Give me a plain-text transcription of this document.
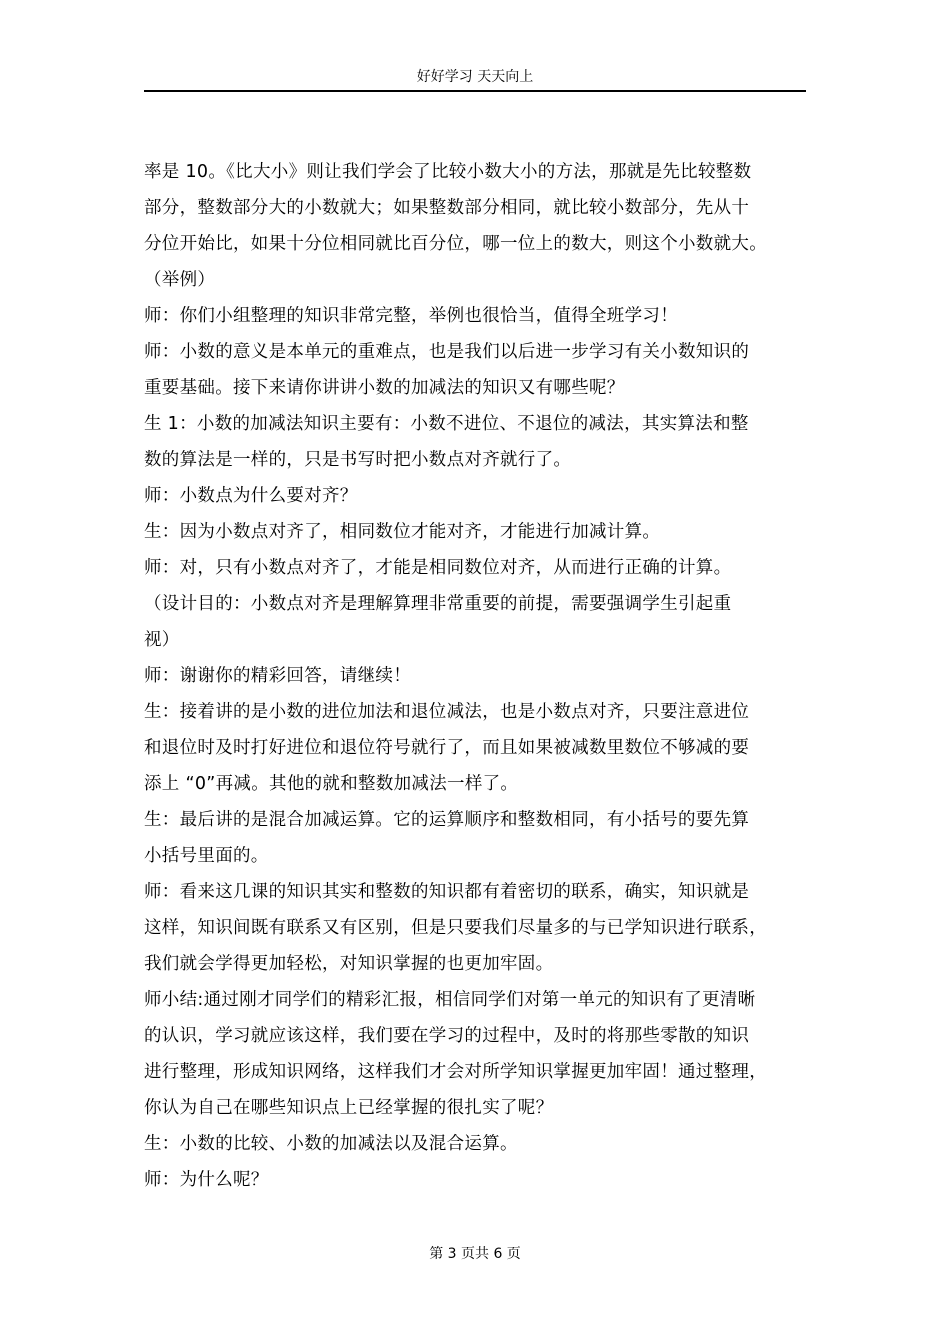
好好学习 天天向上
率是 10。《比大小》则让我们学会了比较小数大小的方法，那就是先比较整数
部分，整数部分大的小数就大；如果整数部分相同，就比较小数部分，先从十
分位开始比，如果十分位相同就比百分位，哪一位上的数大，则这个小数就大。
（举例）
师：你们小组整理的知识非常完整，举例也很恰当，值得全班学习！
师：小数的意义是本单元的重难点，也是我们以后进一步学习有关小数知识的
重要基础。接下来请你讲讲小数的加减法的知识又有哪些呢？
生 1：小数的加减法知识主要有：小数不进位、不退位的减法，其实算法和整
数的算法是一样的，只是书写时把小数点对齐就行了。
师：小数点为什么要对齐？
生：因为小数点对齐了，相同数位才能对齐，才能进行加减计算。
师：对，只有小数点对齐了，才能是相同数位对齐，从而进行正确的计算。
（设计目的：小数点对齐是理解算理非常重要的前提，需要强调学生引起重
视）
师：谢谢你的精彩回答，请继续！
生：接着讲的是小数的进位加法和退位减法，也是小数点对齐，只要注意进位
和退位时及时打好进位和退位符号就行了，而且如果被减数里数位不够减的要
添上 “0”再减。其他的就和整数加减法一样了。
生：最后讲的是混合加减运算。它的运算顺序和整数相同，有小括号的要先算
小括号里面的。
师：看来这几课的知识其实和整数的知识都有着密切的联系，确实，知识就是
这样，知识间既有联系又有区别，但是只要我们尽量多的与已学知识进行联系，
我们就会学得更加轻松，对知识掌握的也更加牢固。
师小结:通过刚才同学们的精彩汇报，相信同学们对第一单元的知识有了更清晰
的认识，学习就应该这样，我们要在学习的过程中，及时的将那些零散的知识
进行整理，形成知识网络，这样我们才会对所学知识掌握更加牢固！通过整理，
你认为自己在哪些知识点上已经掌握的很扎实了呢？
生：小数的比较、小数的加减法以及混合运算。
师：为什么呢？
第 3 页共 6 页
